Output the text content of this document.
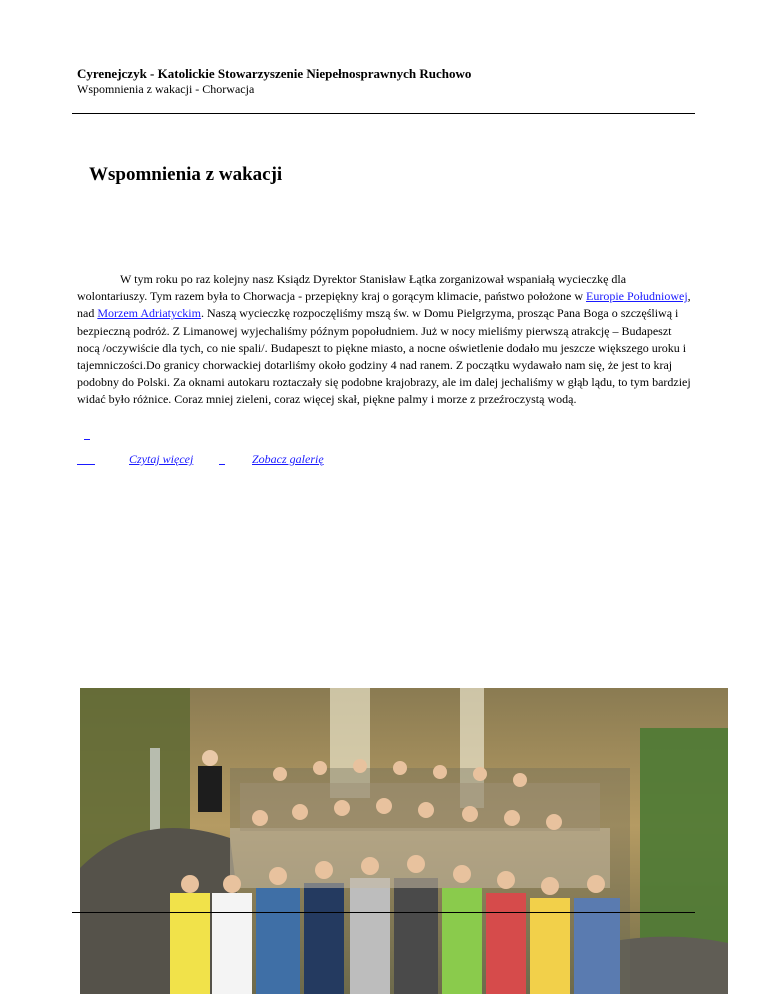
Cyrenejczyk - Katolickie Stowarzyszenie Niepełnosprawnych Ruchowo
Wspomnienia z wakacji - Chorwacja
Wspomnienia z wakacji

W tym roku po raz kolejny nasz Ksiądz Dyrektor Stanisław Łątka zorganizował wspaniałą wycieczkę dla wolontariuszy. Tym razem była to Chorwacja - przepiękny kraj o gorącym klimacie, państwo położone w Europie Południowej, nad Morzem Adriatyckim. Naszą wycieczkę rozpoczęliśmy mszą św. w Domu Pielgrzyma, prosząc Pana Boga o szczęśliwą i bezpieczną podróż. Z Limanowej wyjechaliśmy późnym popołudniem. Już w nocy mieliśmy pierwszą atrakcję – Budapeszt nocą /oczywiście dla tych, co nie spali/. Budapeszt to piękne miasto, a nocne oświetlenie dodało mu jeszcze większego uroku i tajemniczości.Do granicy chorwackiej dotarliśmy około godziny 4 nad ranem. Z początku wydawało nam się, że jest to kraj podobny do Polski. Za oknami autokaru roztaczały się podobne krajobrazy, ale im dalej jechaliśmy w głąb lądu, to tym bardziej widać było różnice. Coraz mniej zieleni, coraz więcej skał, piękne palmy i morze z przeźroczystą wodą.

Czytaj więcej
	Zobacz galerię
